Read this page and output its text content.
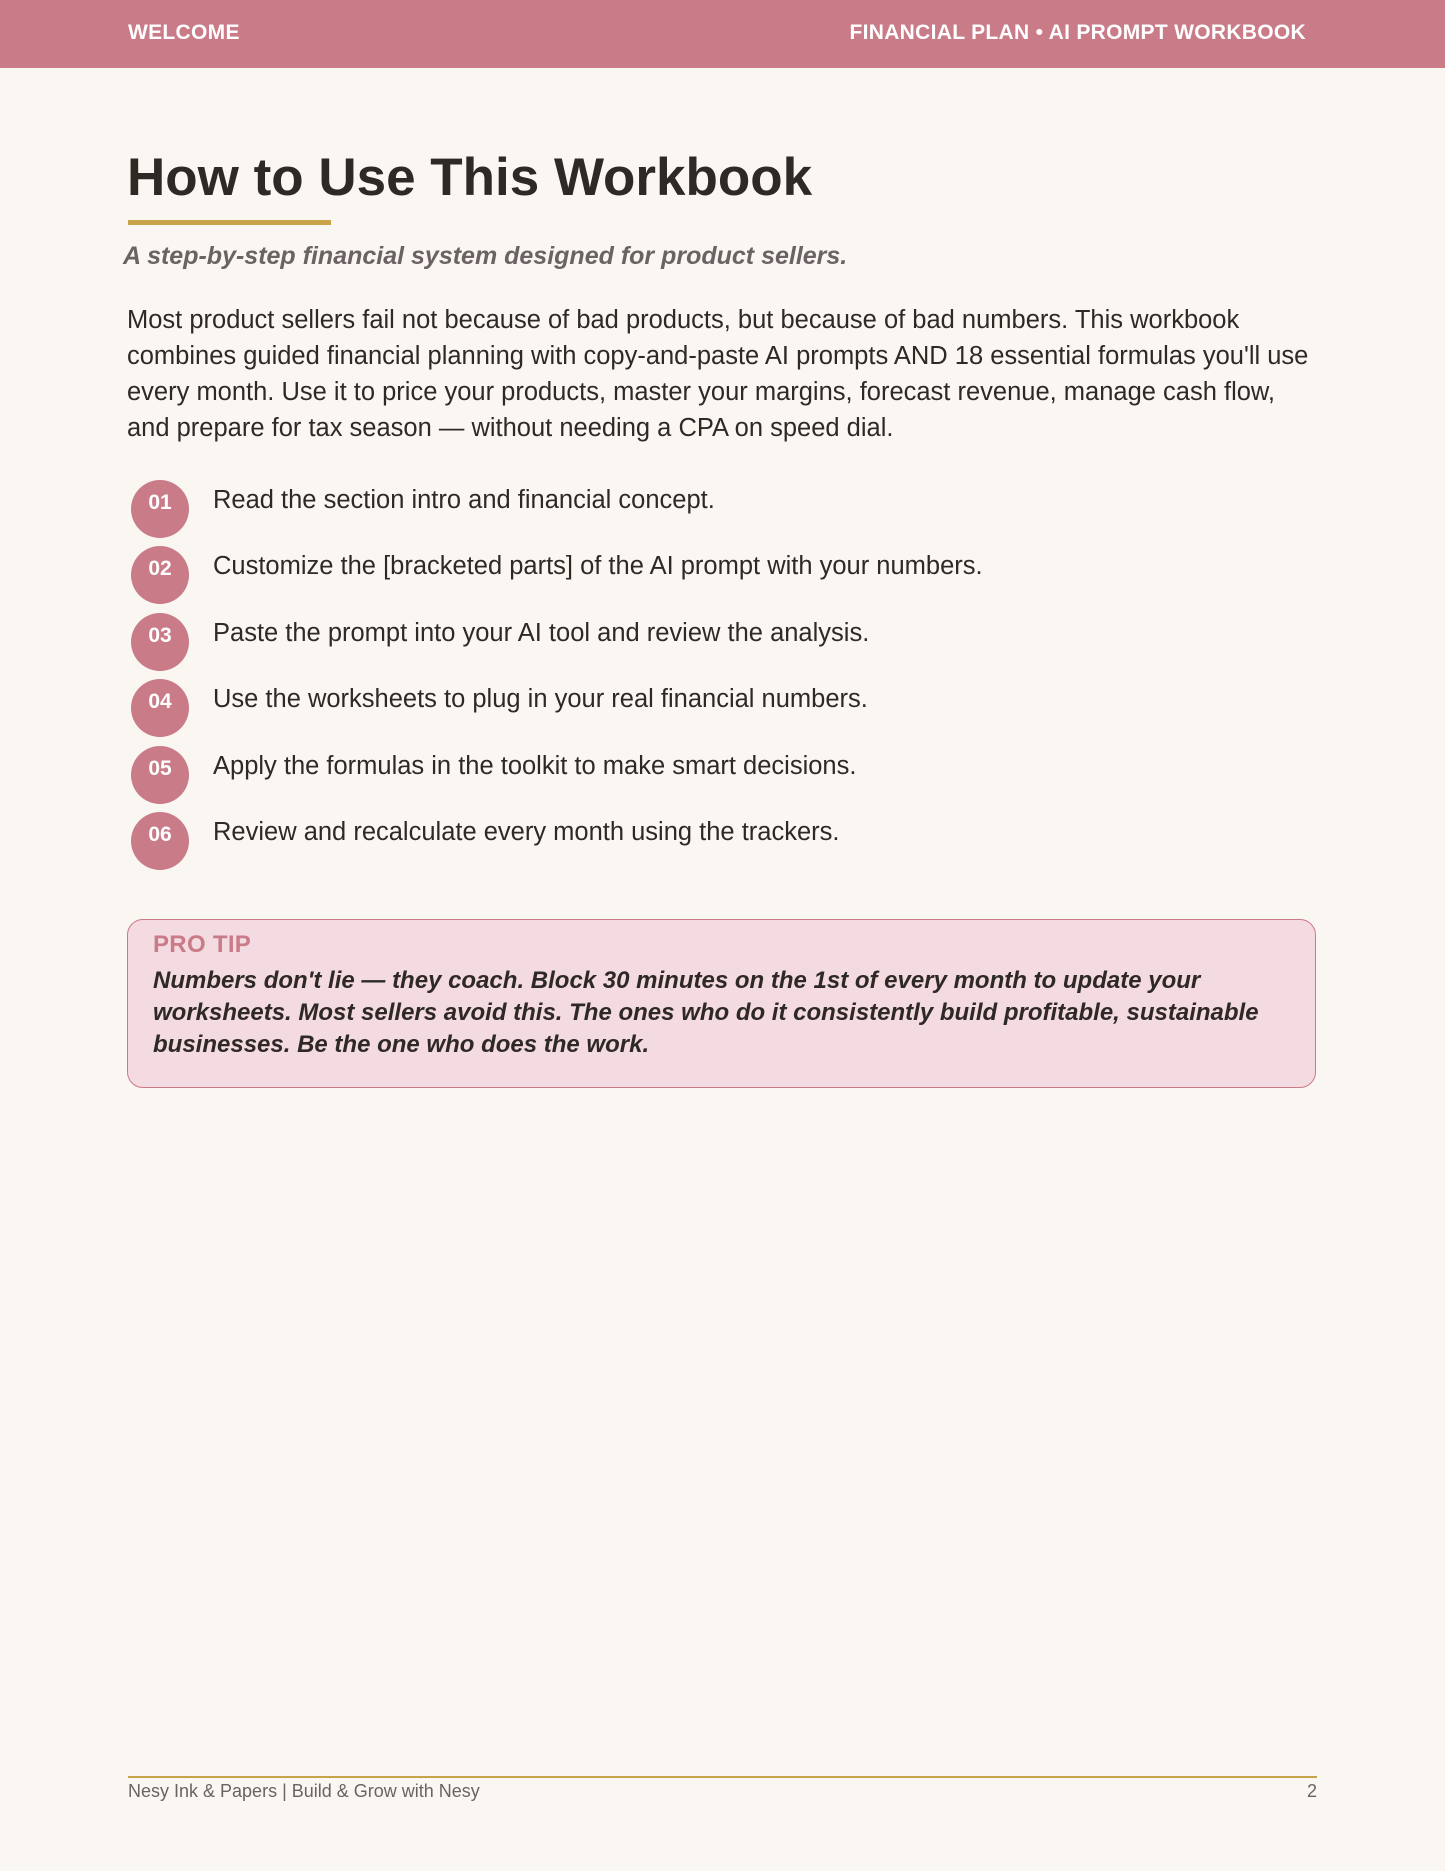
WELCOME	FINANCIAL PLAN • AI PROMPT WORKBOOK
How to Use This Workbook
A step-by-step financial system designed for product sellers.

Most product sellers fail not because of bad products, but because of bad numbers. This workbook combines guided financial planning with copy-and-paste AI prompts AND 18 essential formulas you'll use every month. Use it to price your products, master your margins, forecast revenue, manage cash flow, and prepare for tax season — without needing a CPA on speed dial.

01	Read the section intro and financial concept.
02	Customize the [bracketed parts] of the AI prompt with your numbers.
03	Paste the prompt into your AI tool and review the analysis.
04	Use the worksheets to plug in your real financial numbers.
05	Apply the formulas in the toolkit to make smart decisions.
06	Review and recalculate every month using the trackers.
PRO TIP

Numbers don't lie — they coach. Block 30 minutes on the 1st of every month to update your worksheets. Most sellers avoid this. The ones who do it consistently build profitable, sustainable businesses. Be the one who does the work.

Nesy Ink & Papers | Build & Grow with Nesy	2
